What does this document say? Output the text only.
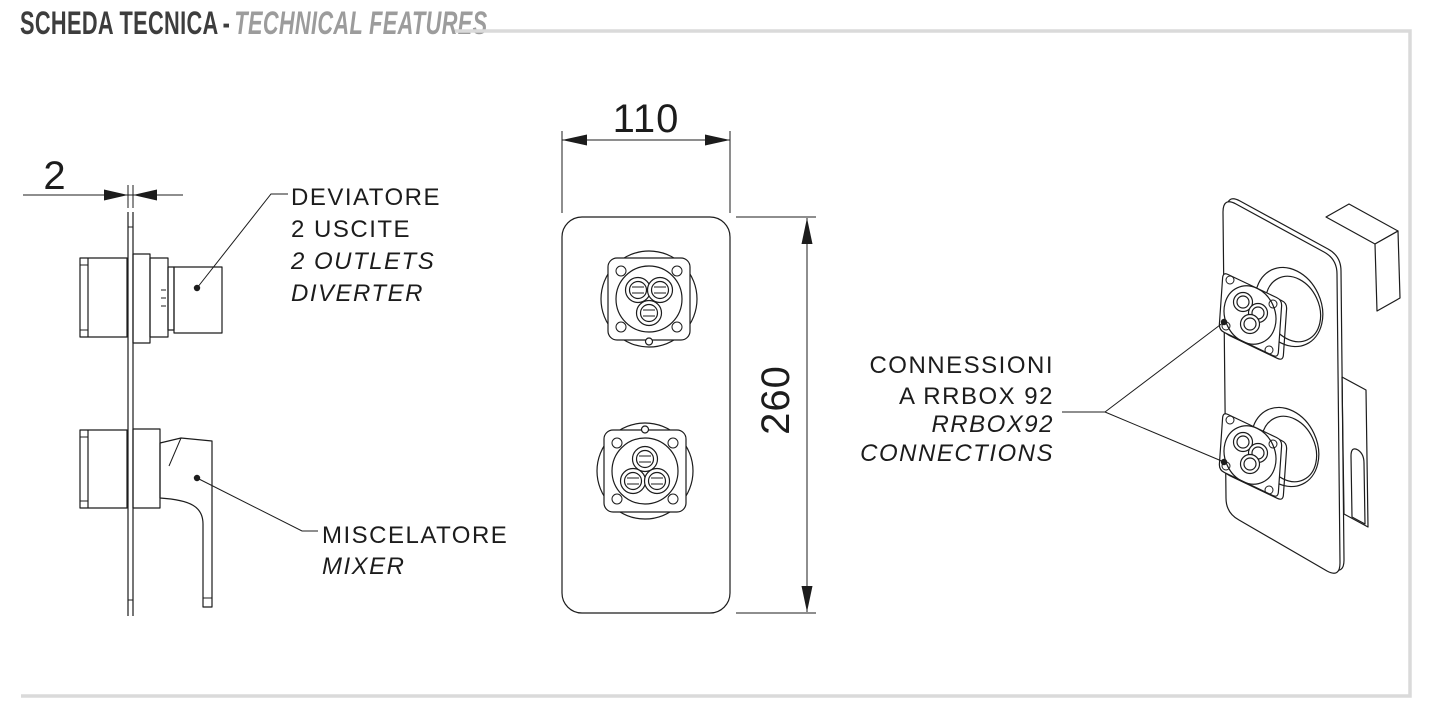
SCHEDA TECNICA - TECHNICAL FEATURES
2	DEVIATORE
2 USCITE
2 OUTLETS
DIVERTER
MISCELATORE
MIXER
110
260	CONNESSIONI
A RRBOX 92
RRBOX92
CONNECTIONS
